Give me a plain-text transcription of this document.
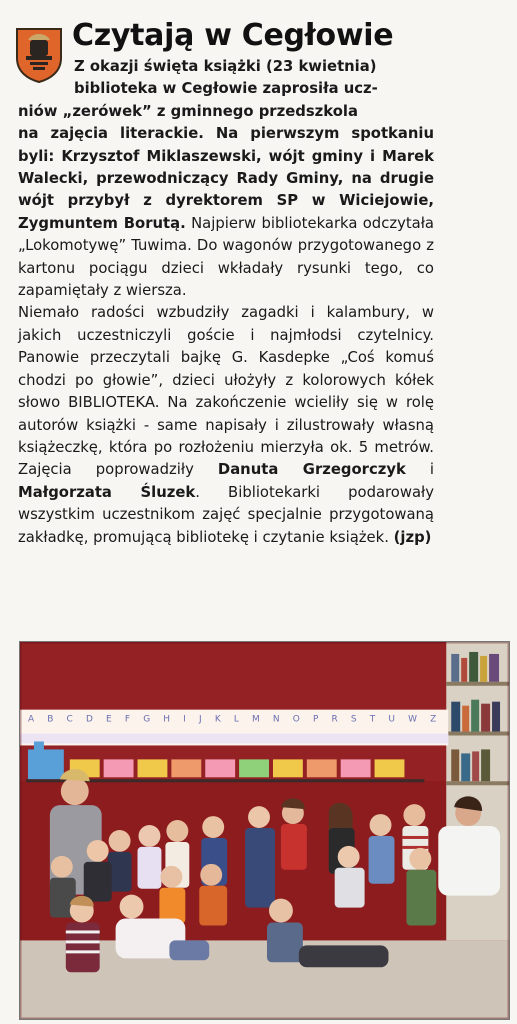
Czytają w Cegłowie

Z okazji święta książki (23 kwietnia)
biblioteka w Cegłowie zaprosiła ucz-
niów „zerówek” z gminnego przedszkola
na zajęcia literackie. Na pierwszym spotkaniu byli: Krzysztof Miklaszewski, wójt gminy i Marek Walecki, przewodniczący Rady Gminy, na drugie wójt przybył z dyrektorem SP w Wiciejowie, Zygmuntem Borutą. Najpierw bibliotekarka odczytała „Lokomotywę” Tuwima. Do wagonów przygotowanego z kartonu pociągu dzieci wkładały rysunki tego, co zapamiętały z wiersza.

Niemało radości wzbudziły zagadki i kalambury, w jakich uczestniczyli goście i najmłodsi czytelnicy. Panowie przeczytali bajkę G. Kasdepke „Coś komuś chodzi po głowie”, dzieci ułożyły z kolorowych kółek słowo BIBLIOTEKA. Na zakończenie wcieliły się w rolę autorów książki - same napisały i zilustrowały własną książeczkę, która po rozłożeniu mierzyła ok. 5 metrów. Zajęcia poprowadziły Danuta Grzegorczyk i Małgorzata Śluzek. Bibliotekarki podarowały wszystkim uczestnikom zajęć specjalnie przygotowaną zakładkę, promującą bibliotekę i czytanie książek. (jzp)

A B C D E F G H I J K L M N O P R S T U W Z
